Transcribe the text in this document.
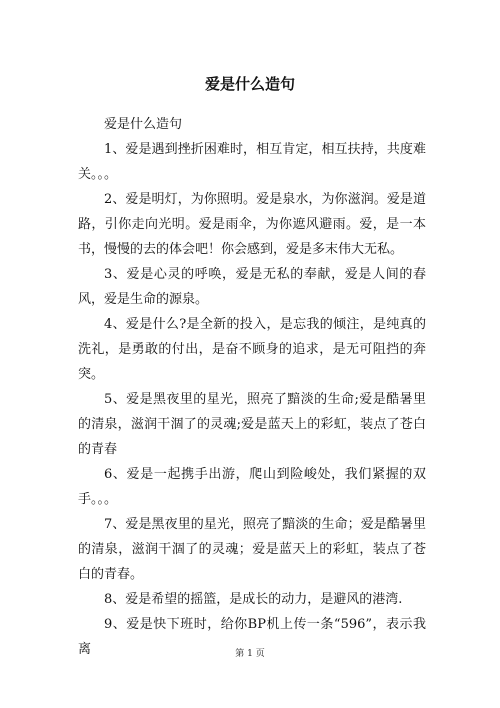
爱是什么造句

爱是什么造句

1、爱是遇到挫折困难时，相互肯定，相互扶持，共度难关。。。

2、爱是明灯，为你照明。爱是泉水，为你滋润。爱是道路，引你走向光明。爱是雨伞，为你遮风避雨。爱，是一本书，慢慢的去的体会吧！你会感到，爱是多末伟大无私。

3、爱是心灵的呼唤，爱是无私的奉献，爱是人间的春风，爱是生命的源泉。

4、爱是什么?是全新的投入，是忘我的倾注，是纯真的洗礼，是勇敢的付出，是奋不顾身的追求，是无可阻挡的奔突。

5、爱是黑夜里的星光，照亮了黯淡的生命;爱是酷暑里的清泉，滋润干涸了的灵魂;爱是蓝天上的彩虹，装点了苍白的青春

6、爱是一起携手出游，爬山到险峻处，我们紧握的双手。。。

7、爱是黑夜里的星光，照亮了黯淡的生命；爱是酷暑里的清泉，滋润干涸了的灵魂；爱是蓝天上的彩虹，装点了苍白的青春。

8、爱是希望的摇篮，是成长的动力，是避风的港湾.

9、爱是快下班时，给你BP机上传一条“596”，表示我离	第 1 页
